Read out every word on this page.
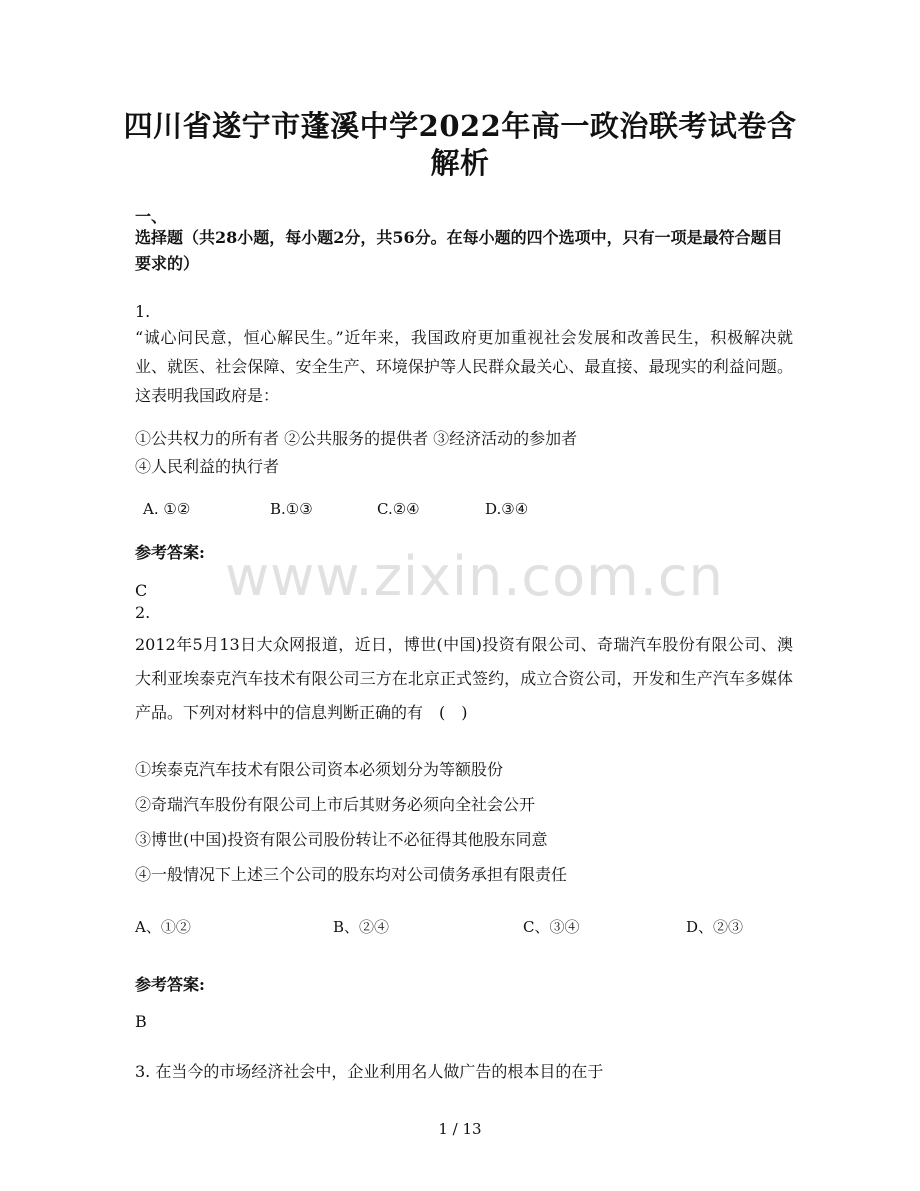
四川省遂宁市蓬溪中学2022年高一政治联考试卷含解析
一、
选择题（共28小题，每小题2分，共56分。在每小题的四个选项中，只有一项是最符合题目要求的）
1.
“诚心问民意，恒心解民生。”近年来，我国政府更加重视社会发展和改善民生，积极解决就业、就医、社会保障、安全生产、环境保护等人民群众最关心、最直接、最现实的利益问题。这表明我国政府是：
①公共权力的所有者 ②公共服务的提供者 ③经济活动的参加者
④人民利益的执行者
A. ①②	B.①③	C.②④	D.③④
参考答案: www.zixin.com.cn
C
2.
2012年5月13日大众网报道，近日，博世(中国)投资有限公司、奇瑞汽车股份有限公司、澳大利亚埃泰克汽车技术有限公司三方在北京正式签约，成立合资公司，开发和生产汽车多媒体产品。下列对材料中的信息判断正确的有　(　)
①埃泰克汽车技术有限公司资本必须划分为等额股份
②奇瑞汽车股份有限公司上市后其财务必须向全社会公开
③博世(中国)投资有限公司股份转让不必征得其他股东同意
④一般情况下上述三个公司的股东均对公司债务承担有限责任
A、①②	B、②④	C、③④	D、②③
参考答案:
B
3. 在当今的市场经济社会中，企业利用名人做广告的根本目的在于
1 / 13
